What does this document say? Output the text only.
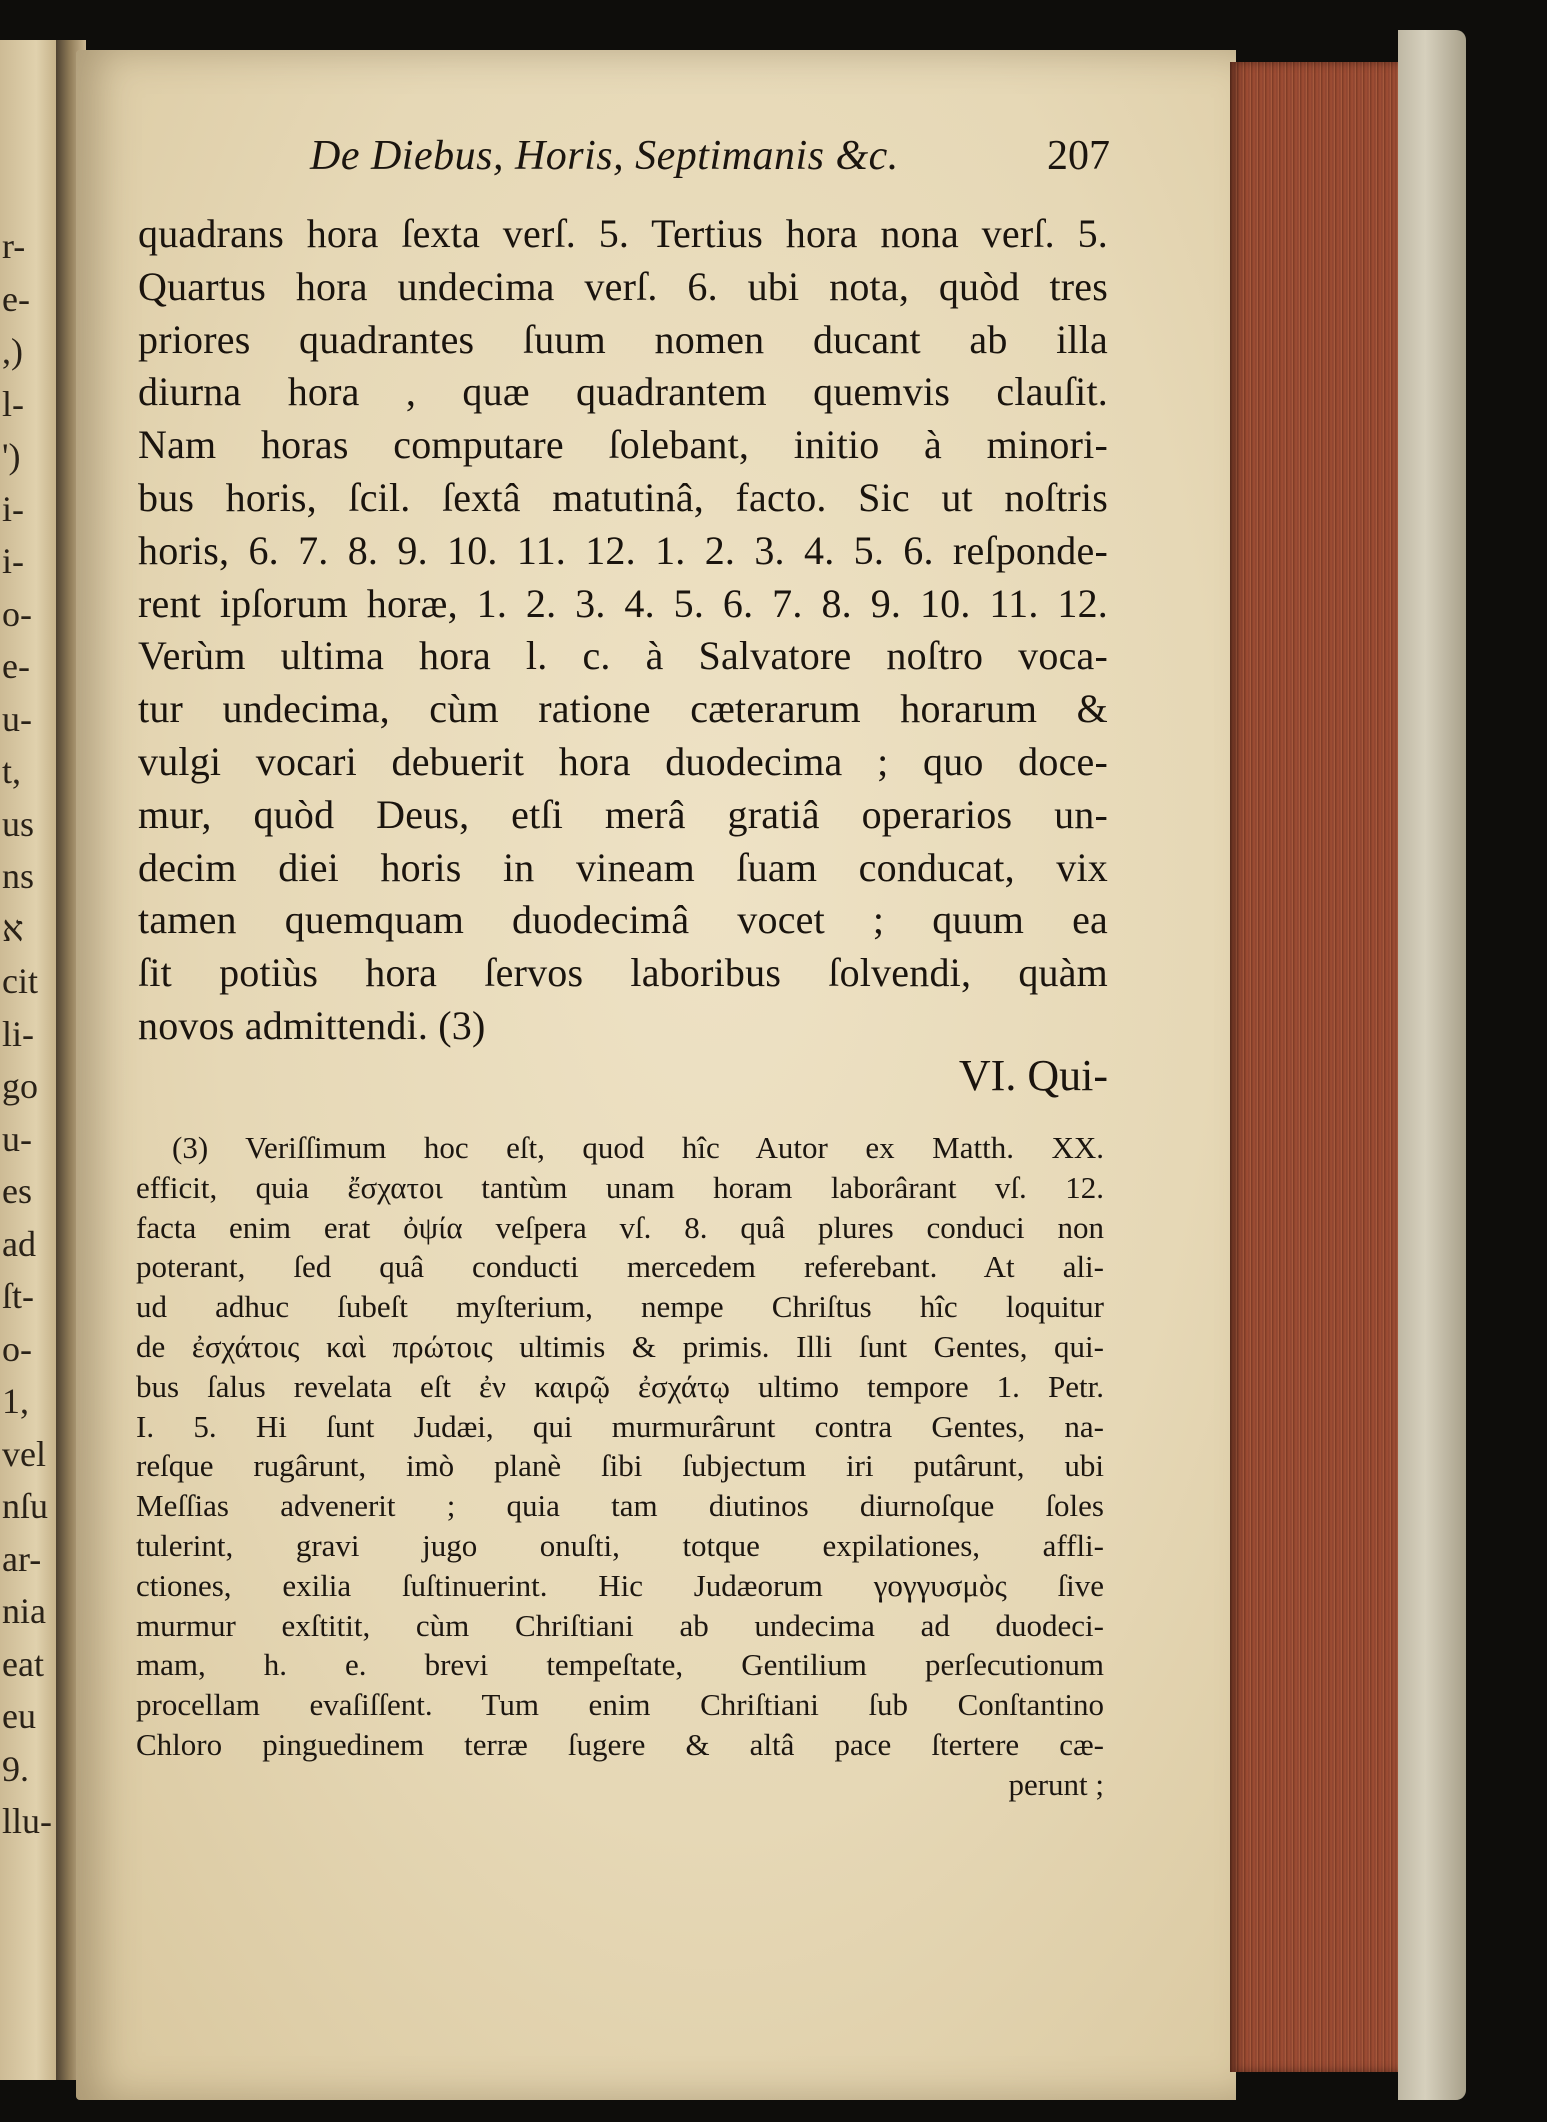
r-
e-
,)
l-
')
i-
i-
o-
e-
u-
t,
us
ns
א
cit
li-
go
u-
es
ad
ſt-
o-
1,
vel
nſu
ar-
nia
eat
eu
9.
llu-
De Diebus, Horis, Septimanis &c.	207
quadrans hora ſexta verſ. 5. Tertius hora nona verſ. 5.
Quartus hora undecima verſ. 6. ubi nota, quòd tres
priores quadrantes ſuum nomen ducant ab illa
diurna hora , quæ quadrantem quemvis clauſit.
Nam horas computare ſolebant, initio à minori-
bus horis, ſcil. ſextâ matutinâ, facto. Sic ut noſtris
horis, 6. 7. 8. 9. 10. 11. 12. 1. 2. 3. 4. 5. 6. reſponde-
rent ipſorum horæ, 1. 2. 3. 4. 5. 6. 7. 8. 9. 10. 11. 12.
Verùm ultima hora l. c. à Salvatore noſtro voca-
tur undecima, cùm ratione cæterarum horarum &
vulgi vocari debuerit hora duodecima ; quo docе-
mur, quòd Deus, etſi merâ gratiâ operarios un-
decim diei horis in vineam ſuam conducat, vix
tamen quemquam duodecimâ vocet ; quum ea
ſit potiùs hora ſervos laboribus ſolvendi, quàm
novos admittendi. (3)
VI. Qui-
(3) Veriſſimum hoc eſt, quod hîc Autor ex Matth. XX.
efficit, quia ἔσχατοι tantùm unam horam laborârant vſ. 12.
facta enim erat ὀψία veſpera vſ. 8. quâ plures conduci non
poterant, ſed quâ conducti mercedem referebant. At ali-
ud adhuc ſubeſt myſterium, nempe Chriſtus hîc loquitur
de ἐσχάτοις καὶ πρώτοις ultimis & primis. Illi ſunt Gentes, qui-
bus ſalus revelata eſt ἐν καιρῷ ἐσχάτῳ ultimo tempore 1. Petr.
I. 5. Hi ſunt Judæi, qui murmurârunt contra Gentes, na-
reſque rugârunt, imò planè ſibi ſubjectum iri putârunt, ubi
Meſſias advenerit ; quia tam diutinos diurnoſque ſoles
tulerint, gravi jugo onuſti, totque expilationes, affli-
ctiones, exilia ſuſtinuerint. Hic Judæorum γογγυσμὸς ſive
murmur exſtitit, cùm Chriſtiani ab undecima ad duodeci-
mam, h. e. brevi tempeſtate, Gentilium perſecutionum
procellam evaſiſſent. Tum enim Chriſtiani ſub Conſtantino
Chloro pinguedinem terræ ſugere & altâ pace ſtertere cæ-
perunt ;
